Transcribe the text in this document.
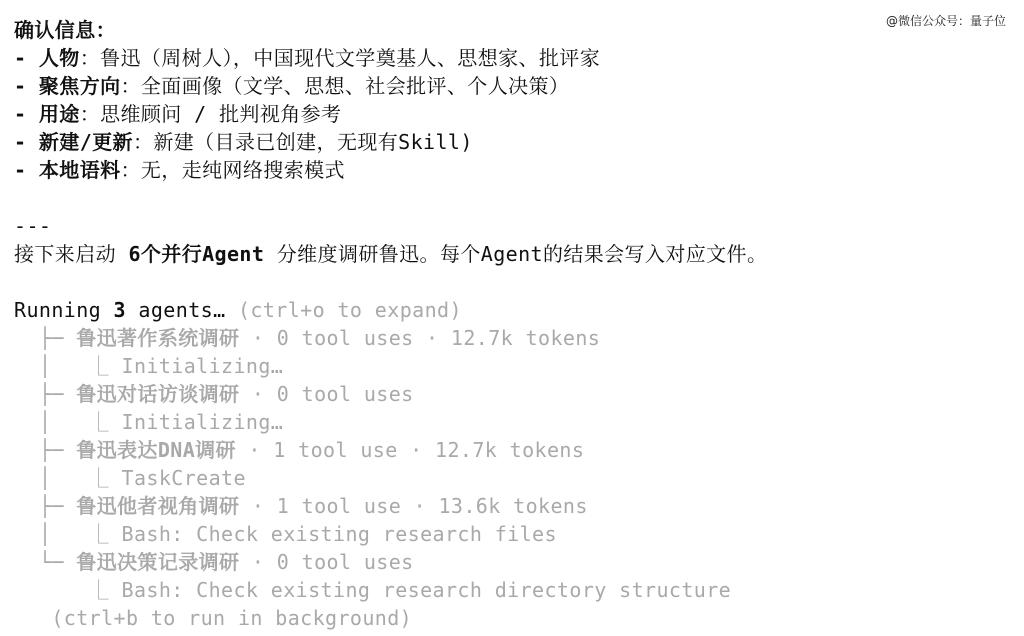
@微信公众号：量子位
确认信息：
- 人物：鲁迅（周树人），中国现代文学奠基人、思想家、批评家
- 聚焦方向：全面画像（文学、思想、社会批评、个人决策）
- 用途：思维顾问 / 批判视角参考
- 新建/更新：新建（目录已创建，无现有Skill)
- 本地语料：无，走纯网络搜索模式
---
接下来启动 6个并行Agent 分维度调研鲁迅。每个Agent的结果会写入对应文件。
Running 3 agents… (ctrl+o to expand)
├─ 鲁迅著作系统调研 · 0 tool uses · 12.7k tokens
│   ⎿ Initializing…
├─ 鲁迅对话访谈调研 · 0 tool uses
│   ⎿ Initializing…
├─ 鲁迅表达DNA调研 · 1 tool use · 12.7k tokens
│   ⎿ TaskCreate
├─ 鲁迅他者视角调研 · 1 tool use · 13.6k tokens
│   ⎿ Bash: Check existing research files
└─ 鲁迅决策记录调研 · 0 tool uses
⎿ Bash: Check existing research directory structure
(ctrl+b to run in background)
